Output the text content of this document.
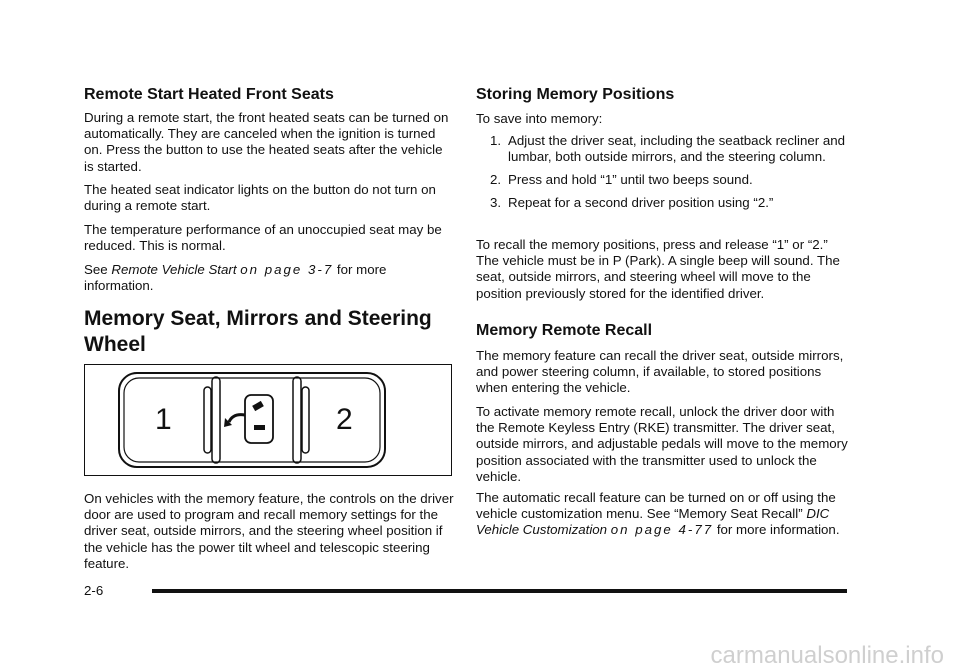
Remote Start Heated Front Seats

During a remote start, the front heated seats can be turned on automatically. They are canceled when the ignition is turned on. Press the button to use the heated seats after the vehicle is started.

The heated seat indicator lights on the button do not turn on during a remote start.

The temperature performance of an unoccupied seat may be reduced. This is normal.

See Remote Vehicle Start on page 3-7 for more information.

Memory Seat, Mirrors and Steering Wheel

On vehicles with the memory feature, the controls on the driver door are used to program and recall memory settings for the driver seat, outside mirrors, and the steering wheel position if the vehicle has the power tilt wheel and telescopic steering feature.

1	2
Storing Memory Positions

To save into memory:

1. Adjust the driver seat, including the seatback recliner and lumbar, both outside mirrors, and the steering column.
2. Press and hold “1” until two beeps sound.
3. Repeat for a second driver position using “2.”

To recall the memory positions, press and release “1” or “2.” The vehicle must be in P (Park). A single beep will sound. The seat, outside mirrors, and steering wheel will move to the position previously stored for the identified driver.

Memory Remote Recall

The memory feature can recall the driver seat, outside mirrors, and power steering column, if available, to stored positions when entering the vehicle.

To activate memory remote recall, unlock the driver door with the Remote Keyless Entry (RKE) transmitter. The driver seat, outside mirrors, and adjustable pedals will move to the memory position associated with the transmitter used to unlock the vehicle.

The automatic recall feature can be turned on or off using the vehicle customization menu. See “Memory Seat Recall” DIC Vehicle Customization on page 4-77 for more information.

2-6
carmanualsonline.info
